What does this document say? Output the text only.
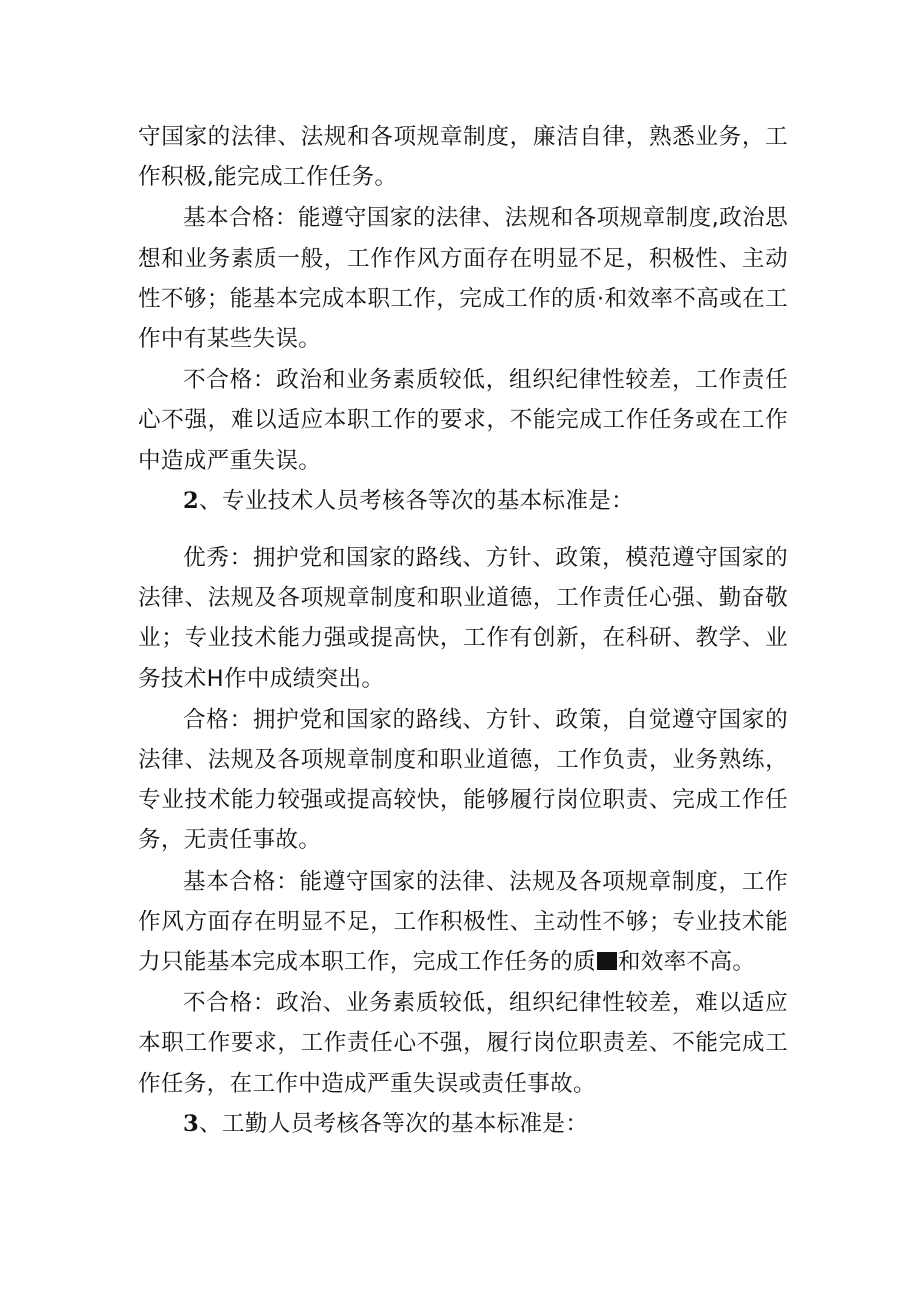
守国家的法律、法规和各项规章制度，廉洁自律，熟悉业务，工作积极,能完成工作任务。

基本合格：能遵守国家的法律、法规和各项规章制度,政治思想和业务素质一般，工作作风方面存在明显不足，积极性、主动性不够；能基本完成本职工作，完成工作的质·和效率不高或在工作中有某些失误。

不合格：政治和业务素质较低，组织纪律性较差，工作责任心不强，难以适应本职工作的要求，不能完成工作任务或在工作中造成严重失误。

2、专业技术人员考核各等次的基本标准是：

优秀：拥护党和国家的路线、方针、政策，模范遵守国家的法律、法规及各项规章制度和职业道德，工作责任心强、勤奋敬业；专业技术能力强或提高快，工作有创新，在科研、教学、业务技术H作中成绩突出。

合格：拥护党和国家的路线、方针、政策，自觉遵守国家的法律、法规及各项规章制度和职业道德，工作负责，业务熟练，专业技术能力较强或提高较快，能够履行岗位职责、完成工作任务，无责任事故。

基本合格：能遵守国家的法律、法规及各项规章制度，工作作风方面存在明显不足，工作积极性、主动性不够；专业技术能力只能基本完成本职工作，完成工作任务的质 和效率不高。

不合格：政治、业务素质较低，组织纪律性较差，难以适应本职工作要求，工作责任心不强，履行岗位职责差、不能完成工作任务，在工作中造成严重失误或责任事故。

3、工勤人员考核各等次的基本标准是：
